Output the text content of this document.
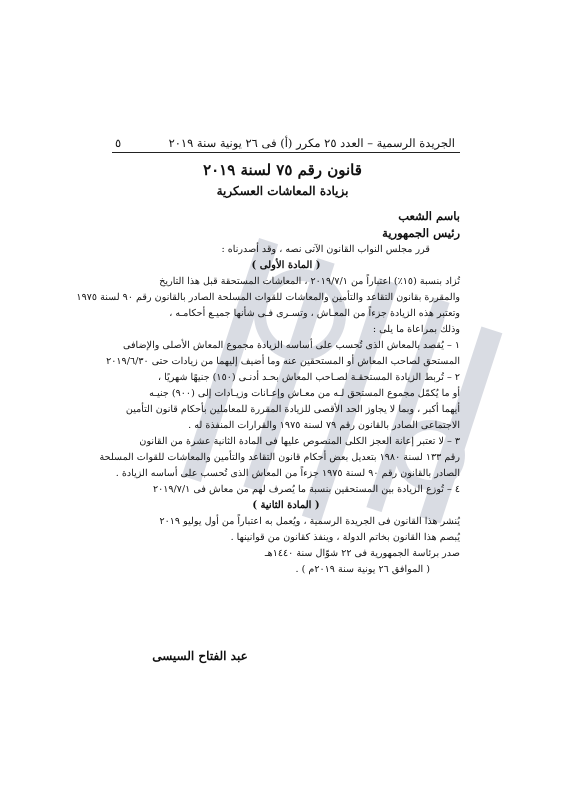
الجريدة الرسمية – العدد ٢٥ مكرر (أ) فى ٢٦ يونية سنة ٢٠١٩
٥
قانون رقم ٧٥ لسنة ٢٠١٩
بزيادة المعاشات العسكرية
باسم الشعب
رئيس الجمهورية
قرر مجلس النواب القانون الآتى نصه ، وقد أصدرناه :
( المادة الأولى )
تُزاد بنسبة (١٥٪) اعتباراً من ٢٠١٩/٧/١ ، المعاشات المستحقة قبل هذا التاريخ
والمقررة بقانون التقاعد والتأمين والمعاشات للقوات المسلحة الصادر بالقانون رقم ٩٠ لسنة ١٩٧٥
وتعتبر هذه الزيادة جزءاً من المعـاش ، وتسـرى فـى شأنها جميـع أحكامـه ،
وذلك بمراعاة ما يلى :
١ – يُقصد بالمعاش الذى تُحسب على أساسه الزيادة مجموع المعاش الأصلى والإضافى
المستحق لصاحب المعاش أو المستحقين عنه وما أضيف إليهما من زيادات حتى ٢٠١٩/٦/٣٠
٢ – تُربط الزيادة المستحقـة لصـاحب المعاش بحـد أدنـى (١٥٠) جنيهًا شهريًا ،
أو ما يُكمّل مجموع المستحق لـه من معـاش وإعـانات وزيـادات إلى (٩٠٠) جنيـه
أيهما أكبر ، وبما لا يجاوز الحد الأقصى للزيادة المقررة للمعاملين بأحكام قانون التأمين
الاجتماعى الصادر بالقانون رقم ٧٩ لسنة ١٩٧٥ والقرارات المنفذة له .
٣ – لا تعتبر إعانة العجز الكلى المنصوص عليها فى المادة الثانية عشرة من القانون
رقم ١٣٣ لسنة ١٩٨٠ بتعديل بعض أحكام قانون التقاعد والتأمين والمعاشات للقوات المسلحة
الصادر بالقانون رقم ٩٠ لسنة ١٩٧٥ جزءاً من المعاش الذى تُحسب على أساسه الزيادة .
٤ – تُوزع الزيادة بين المستحقين بنسبة ما يُصرف لهم من معاش فى ٢٠١٩/٧/١
( المادة الثانية )
يُنشر هذا القانون فى الجريدة الرسمية ، ويُعمل به اعتباراً من أول يوليو ٢٠١٩
يُبصم هذا القانون بخاتم الدولة ، وينفذ كقانون من قوانينها .
صدر برئاسة الجمهورية فى ٢٢ شوّال سنة ١٤٤٠هـ
( الموافق ٢٦ يونية سنة ٢٠١٩م ) .
عبد الفتاح السيسى
